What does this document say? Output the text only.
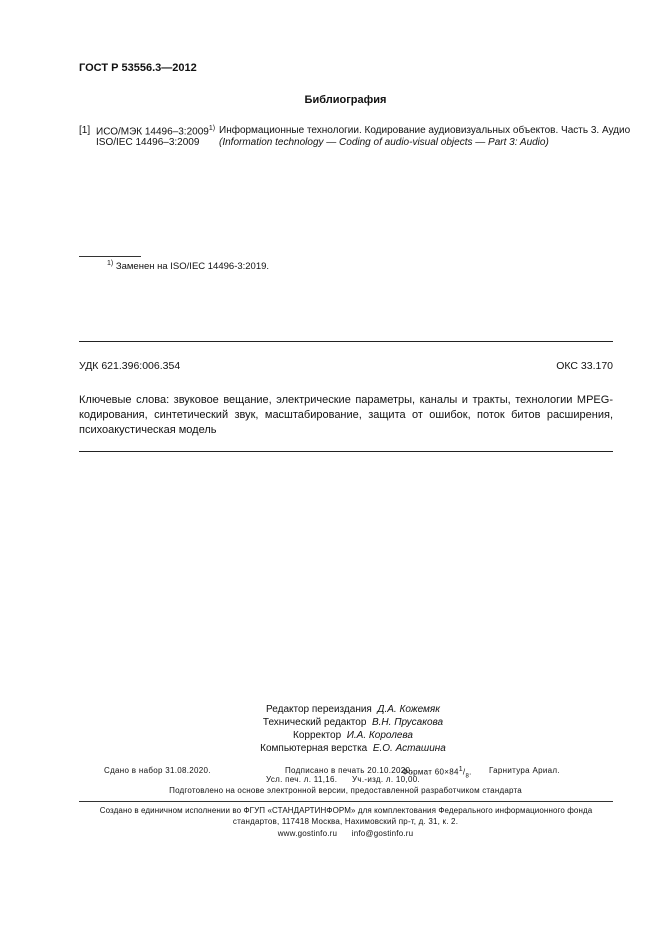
ГОСТ Р 53556.3—2012
Библиография
[1] ИСО/МЭК 14496–3:2009$^{1)}$
ISO/IEC 14496–3:2009
Информационные технологии. Кодирование аудиовизуальных объектов. Часть 3. Аудио
(Information technology — Coding of audio-visual objects — Part 3: Audio)
$^{1)}$ Заменен на ISO/IEC 14496-3:2019.
УДК 621.396:006.354	ОКС 33.170
Ключевые слова: звуковое вещание, электрические параметры, каналы и тракты, технологии MPEG-
кодирования, синтетический звук, масштабирование, защита от ошибок, поток битов расширения,
психоакустическая модель
Редактор переиздания Д.А. Кожемяк
Технический редактор В.Н. Прусакова
Корректор И.А. Королева
Компьютерная верстка Е.О. Асташина
Сдано в набор 31.08.2020.	Подписано в печать 20.10.2020.
Формат $60\times 84^1/_8$. Гарнитура Ариал.
Усл. печ. л. 11,16. Уч.-изд. л. 10,00.
Подготовлено на основе электронной версии, предоставленной разработчиком стандарта
Создано в единичном исполнении во ФГУП «СТАНДАРТИНФОРМ» для комплектования Федерального информационного фонда
стандартов, 117418 Москва, Нахимовский пр-т, д. 31, к. 2.
www.gostinfo.ru info@gostinfo.ru
